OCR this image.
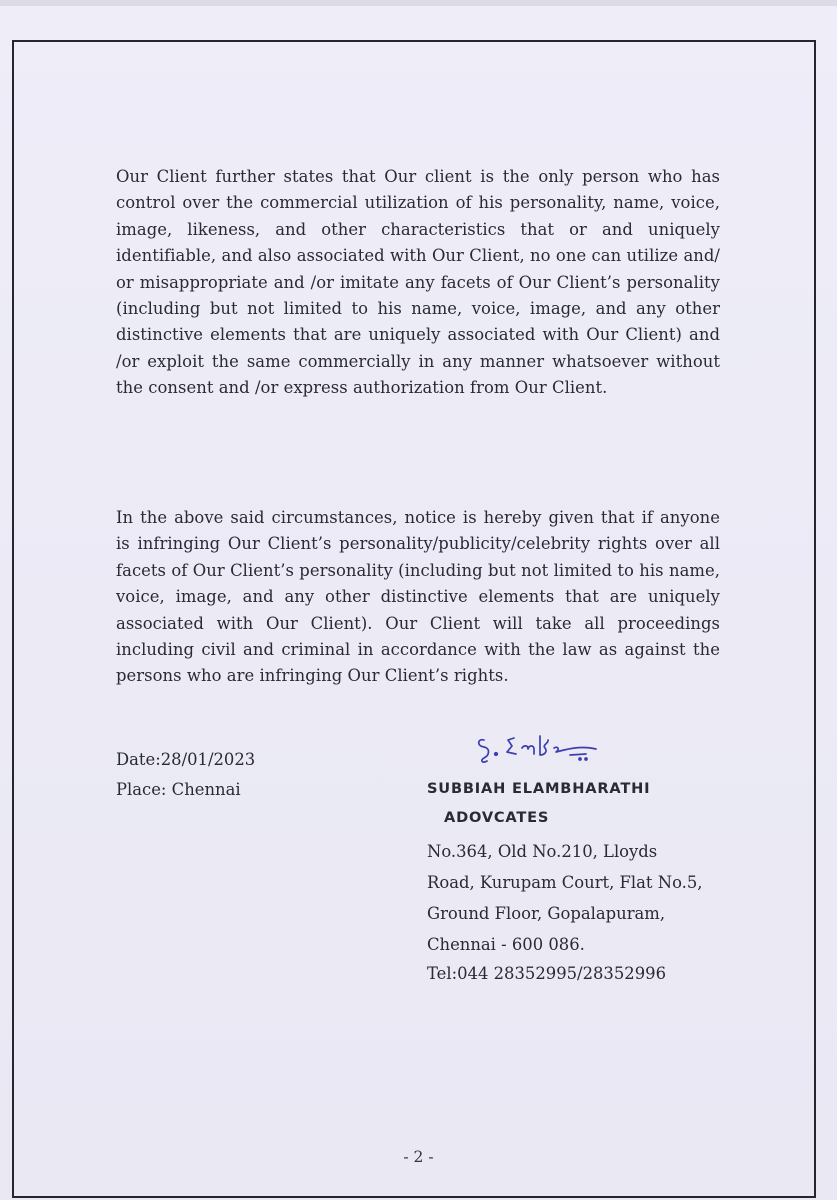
Our Client further states that Our client is the only person who has control over the commercial utilization of his personality, name, voice, image, likeness, and other characteristics that or and uniquely identifiable, and also associated with Our Client, no one can utilize and/ or misappropriate and /or imitate any facets of Our Client’s personality (including but not limited to his name, voice, image, and any other distinctive elements that are uniquely associated with Our Client) and /or exploit the same commercially in any manner whatsoever without the consent and /or express authorization from Our Client.

In the above said circumstances, notice is hereby given that if anyone is infringing Our Client’s personality/publicity/celebrity rights over all facets of Our Client’s personality (including but not limited to his name, voice, image, and any other distinctive elements that are uniquely associated with Our Client). Our Client will take all proceedings including civil and criminal in accordance with the law as against the persons who are infringing Our Client’s rights.

Date:28/01/2023
Place: Chennai	SUBBIAH ELAMBHARATHI
ADOVCATES
No.364, Old No.210, Lloyds
Road, Kurupam Court, Flat No.5,
Ground Floor, Gopalapuram,
Chennai - 600 086.
Tel:044 28352995/28352996
- 2 -
